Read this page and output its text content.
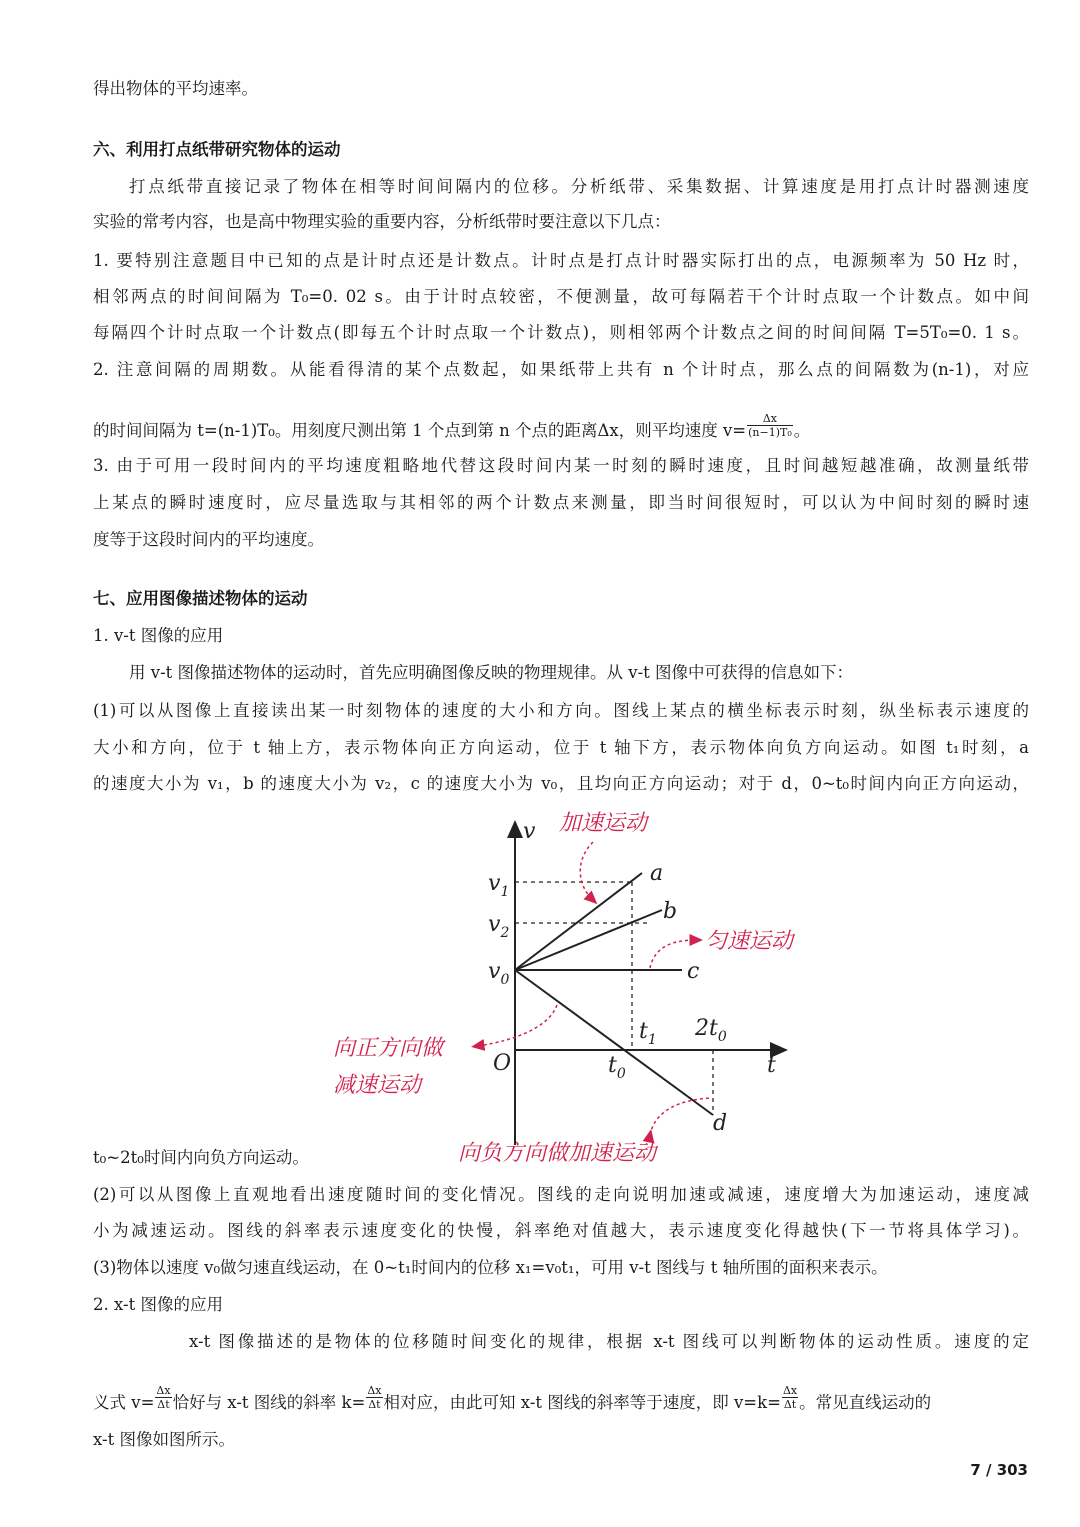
得出物体的平均速率。
六、利用打点纸带研究物体的运动
打点纸带直接记录了物体在相等时间间隔内的位移。分析纸带、采集数据、计算速度是用打点计时器测速度
实验的常考内容，也是高中物理实验的重要内容，分析纸带时要注意以下几点：
1. 要特别注意题目中已知的点是计时点还是计数点。计时点是打点计时器实际打出的点，电源频率为 50 Hz 时，
相邻两点的时间间隔为 T₀=0. 02 s。由于计时点较密，不便测量，故可每隔若干个计时点取一个计数点。如中间
每隔四个计时点取一个计数点(即每五个计时点取一个计数点)，则相邻两个计数点之间的时间间隔 T=5T₀=0. 1 s。
2. 注意间隔的周期数。从能看得清的某个点数起，如果纸带上共有 n 个计时点，那么点的间隔数为(n-1)，对应
的时间间隔为 t=(n-1)T₀。用刻度尺测出第 1 个点到第 n 个点的距离Δx，则平均速度 $v= \frac{\Delta x}{\text{(n−1)T₀}}$ 。
3. 由于可用一段时间内的平均速度粗略地代替这段时间内某一时刻的瞬时速度，且时间越短越准确，故测量纸带
上某点的瞬时速度时，应尽量选取与其相邻的两个计数点来测量，即当时间很短时，可以认为中间时刻的瞬时速
度等于这段时间内的平均速度。
七、应用图像描述物体的运动
1. v-t 图像的应用
用 v-t 图像描述物体的运动时，首先应明确图像反映的物理规律。从 v-t 图像中可获得的信息如下：
(1)可以从图像上直接读出某一时刻物体的速度的大小和方向。图线上某点的横坐标表示时刻，纵坐标表示速度的
大小和方向，位于 t 轴上方，表示物体向正方向运动，位于 t 轴下方，表示物体向负方向运动。如图 t₁时刻，a
的速度大小为 v₁，b 的速度大小为 v₂，c 的速度大小为 v₀，且均向正方向运动；对于 d，0~t₀时间内向正方向运动，
v
t
O
$v_1$
$v_2$
$v_0$
$t_1$
$t_0$
$2t_0$
a
b
c
d
加速运动
匀速运动
向正方向做
减速运动
向负方向做加速运动
t₀~2t₀时间内向负方向运动。
(2)可以从图像上直观地看出速度随时间的变化情况。图线的走向说明加速或减速，速度增大为加速运动，速度减
小为减速运动。图线的斜率表示速度变化的快慢，斜率绝对值越大，表示速度变化得越快(下一节将具体学习)。
(3)物体以速度 v₀做匀速直线运动，在 0~t₁时间内的位移 x₁=v₀t₁，可用 v-t 图线与 t 轴所围的面积来表示。
2. x-t 图像的应用
x-t 图像描述的是物体的位移随时间变化的规律，根据 x-t 图线可以判断物体的运动性质。速度的定
义式 $v= \frac{\Delta x}{\Delta t}$ 恰好与 x-t 图线的斜率 $k= \frac{\Delta x}{\Delta t}$ 相对应，由此可知 x-t 图线的斜率等于速度，即 $v=k= \frac{\Delta x}{\Delta t}$ 。常见直线运动的
x-t 图像如图所示。
7 / 303
